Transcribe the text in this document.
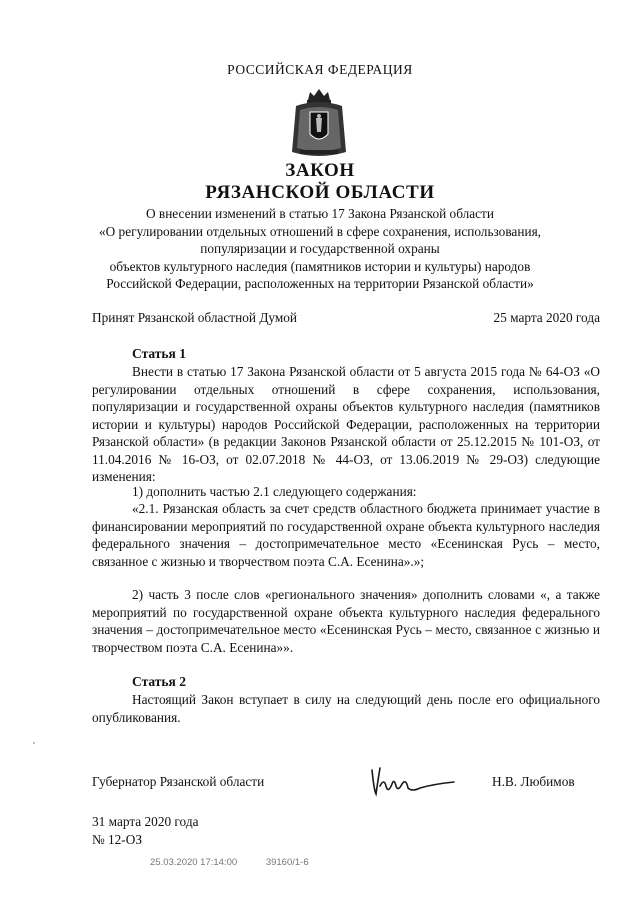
РОССИЙСКАЯ ФЕДЕРАЦИЯ
ЗАКОН
РЯЗАНСКОЙ ОБЛАСТИ
О внесении изменений в статью 17 Закона Рязанской области
«О регулировании отдельных отношений в сфере сохранения, использования,
популяризации и государственной охраны
объектов культурного наследия (памятников истории и культуры) народов
Российской Федерации, расположенных на территории Рязанской области»
Принят Рязанской областной Думой	25 марта 2020 года
Статья 1
Внести в статью 17 Закона Рязанской области от 5 августа 2015 года № 64-ОЗ «О регулировании отдельных отношений в сфере сохранения, использования, популяризации и государственной охраны объектов культурного наследия (памятников истории и культуры) народов Российской Федерации, расположенных на территории Рязанской области» (в редакции Законов Рязанской области от 25.12.2015 № 101-ОЗ, от 11.04.2016 № 16-ОЗ, от 02.07.2018 № 44-ОЗ, от 13.06.2019 № 29-ОЗ) следующие изменения:
1) дополнить частью 2.1 следующего содержания:
«2.1. Рязанская область за счет средств областного бюджета принимает участие в финансировании мероприятий по государственной охране объекта культурного наследия федерального значения – достопримечательное место «Есенинская Русь – место, связанное с жизнью и творчеством поэта С.А. Есенина».»;
2) часть 3 после слов «регионального значения» дополнить словами «, а также мероприятий по государственной охране объекта культурного наследия федерального значения – достопримечательное место «Есенинская Русь – место, связанное с жизнью и творчеством поэта С.А. Есенина»».
Статья 2
Настоящий Закон вступает в силу на следующий день после его официального опубликования.
Губернатор Рязанской области	Н.В. Любимов
31 марта 2020 года
№ 12-ОЗ
25.03.2020 17:14:00	39160/1-6
